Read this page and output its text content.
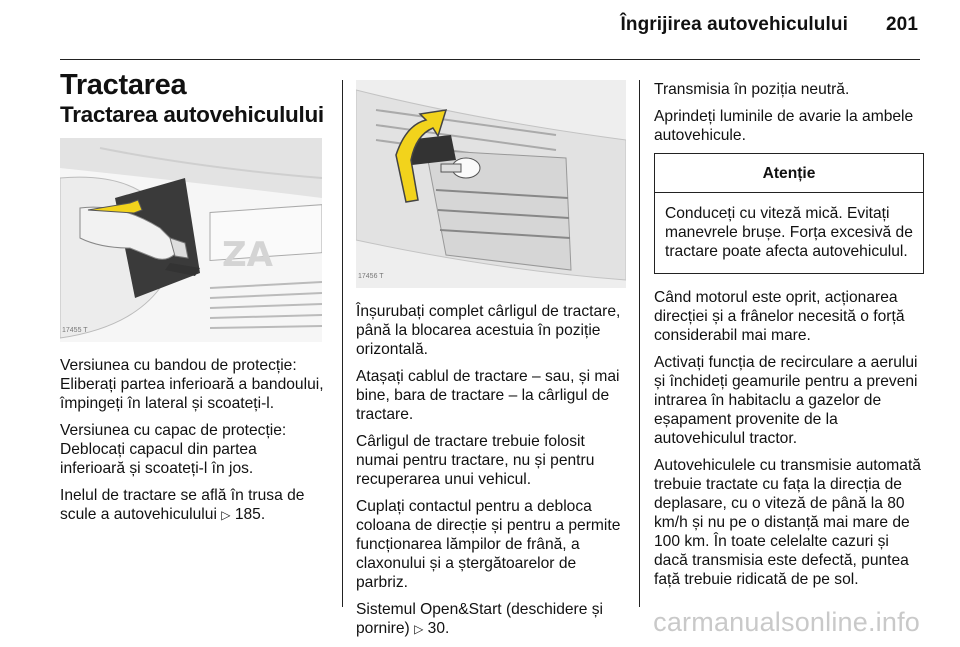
Îngrijirea autovehiculului 201
Tractarea
Tractarea autovehiculului
ZA
17455 T

Versiunea cu bandou de protecție: Eliberați partea inferioară a bandoului, împingeți în lateral și scoateți-l.

Versiunea cu capac de protecție: Deblocați capacul din partea inferioară și scoateți-l în jos.

Inelul de tractare se află în trusa de scule a autovehiculului ▷ 185.

17456 T

Înșurubați complet cârligul de tractare, până la blocarea acestuia în poziție orizontală.

Atașați cablul de tractare – sau, și mai bine, bara de tractare – la cârligul de tractare.

Cârligul de tractare trebuie folosit numai pentru tractare, nu și pentru recuperarea unui vehicul.

Cuplați contactul pentru a debloca coloana de direcție și pentru a permite funcționarea lămpilor de frână, a claxonului și a ștergătoarelor de parbriz.

Sistemul Open&Start (deschidere și pornire) ▷ 30.

Transmisia în poziția neutră.

Aprindeți luminile de avarie la ambele autovehicule.

Atenție
Conduceți cu viteză mică. Evitați manevrele brușe. Forța excesivă de tractare poate afecta autovehiculul.

Când motorul este oprit, acționarea direcției și a frânelor necesită o forță considerabil mai mare.

Activați funcția de recirculare a aerului și închideți geamurile pentru a preveni intrarea în habitaclu a gazelor de eșapament provenite de la autovehiculul tractor.

Autovehiculele cu transmisie automată trebuie tractate cu fața la direcția de deplasare, cu o viteză de până la 80 km/h și nu pe o distanță mai mare de 100 km. În toate celelalte cazuri și dacă transmisia este defectă, puntea față trebuie ridicată de pe sol.

carmanualsonline.info
